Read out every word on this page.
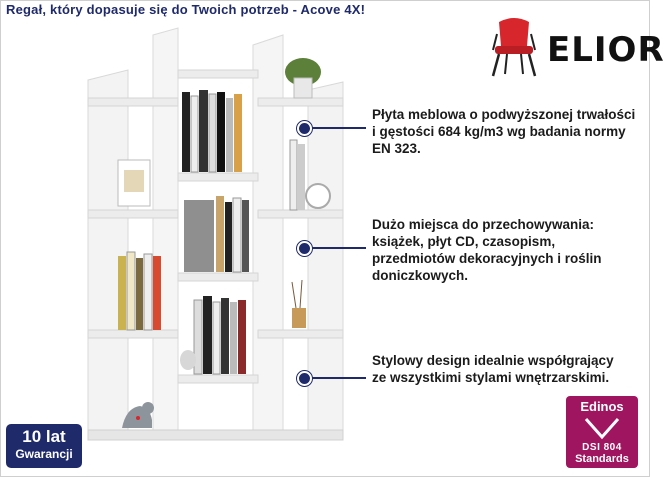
Regał, który dopasuje się do Twoich potrzeb - Acove 4X!
ELIOR
Płyta meblowa o podwyższonej trwałości i gęstości 684 kg/m3 wg badania normy EN 323.
Dużo miejsca do przechowywania: książek, płyt CD, czasopism, przedmiotów dekoracyjnych i roślin doniczkowych.
Stylowy design idealnie współgrający ze wszystkimi stylami wnętrzarskimi.
10 lat
Gwarancji
Edinos
DSI 804
Standards
